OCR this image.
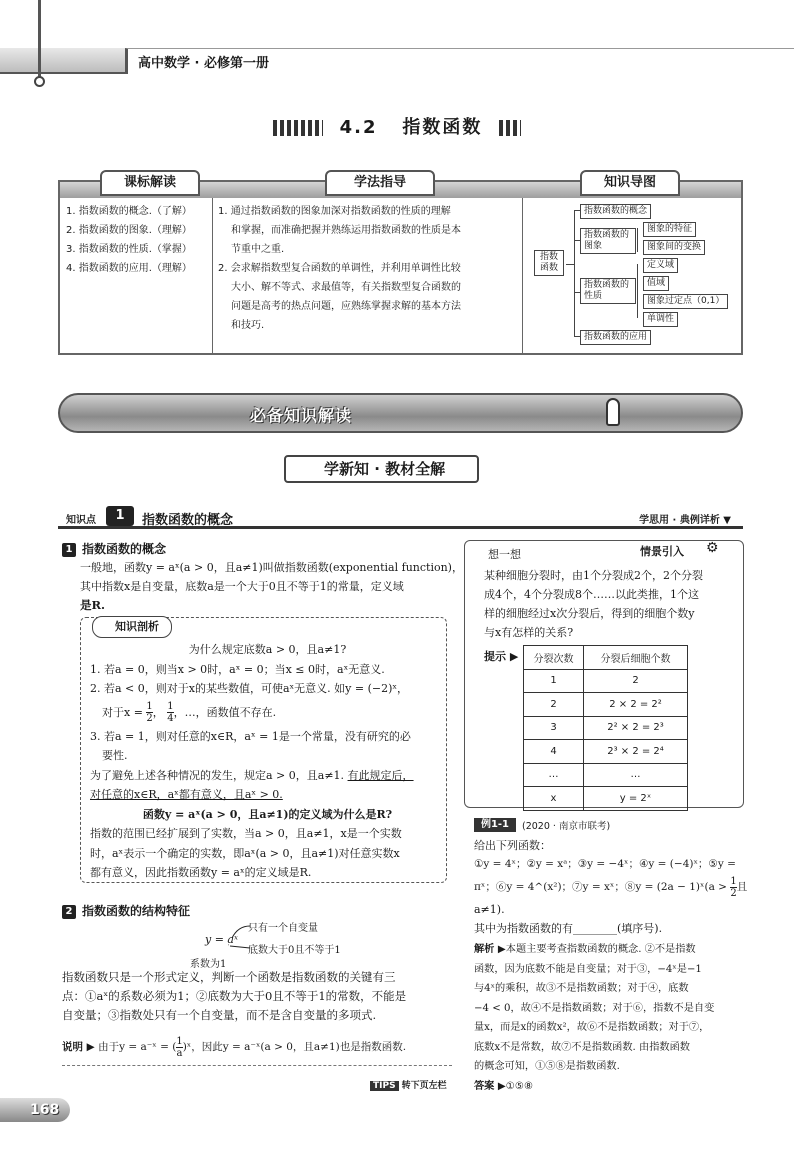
高中数学 · 必修第一册
4.2 指数函数
课标解读	学法指导	知识导图
1. 指数函数的概念.（了解）
2. 指数函数的图象.（理解）
3. 指数函数的性质.（掌握）
4. 指数函数的应用.（理解）
1. 通过指数函数的图象加深对指数函数的性质的理解
和掌握，而准确把握并熟练运用指数函数的性质是本
节重中之重.
2. 会求解指数型复合函数的单调性，并利用单调性比较
大小、解不等式、求最值等，有关指数型复合函数的
问题是高考的热点问题，应熟练掌握求解的基本方法
和技巧.
指数函数
指数函数的概念
指数函数的图象
图象的特征
图象间的变换
指数函数的性质
定义域
值域
图象过定点（0,1）
单调性
指数函数的应用
必备知识解读
学新知 · 教材全解
知识点	1	指数函数的概念	学思用 · 典例详析 ▼
1 指数函数的概念
一般地，函数y = aˣ(a > 0，且a≠1)叫做指数函数(exponential function)，
其中指数x是自变量，底数a是一个大于0且不等于1的常量，定义域
是R.
知识剖析
为什么规定底数a > 0，且a≠1?
1. 若a = 0，则当x > 0时，aˣ = 0；当x ≤ 0时，aˣ无意义.
2. 若a < 0，则对于x的某些数值，可使aˣ无意义. 如y = (−2)ˣ，
对于$x = \frac{1}{2}$ ， $\frac{1}{4}$ ，…，函数值不存在.
3. 若a = 1，则对任意的x∈R，aˣ = 1是一个常量，没有研究的必
要性.
为了避免上述各种情况的发生，规定a > 0，且a≠1. 有此规定后，
对任意的x∈R，aˣ都有意义，且aˣ > 0.
函数y = aˣ(a > 0，且a≠1)的定义域为什么是R?
指数的范围已经扩展到了实数，当a > 0，且a≠1，x是一个实数
时，aˣ表示一个确定的实数，即aˣ(a > 0，且a≠1)对任意实数x
都有意义，因此指数函数y = aˣ的定义域是R.
2 指数函数的结构特征
y = aˣ
只有一个自变量
底数大于0且不等于1
系数为1
指数函数只是一个形式定义，判断一个函数是指数函数的关键有三
点：①aˣ的系数必须为1；②底数为大于0且不等于1的常数，不能是
自变量；③指数处只有一个自变量，而不是含自变量的多项式.
说明 ▶ 由于y = a⁻ˣ = ( $\frac{1}{a}$ )ˣ，因此y = a⁻ˣ(a > 0，且a≠1)也是指数函数.
想一想	情景引入 ⚙
某种细胞分裂时，由1个分裂成2个，2个分裂
成4个，4个分裂成8个……以此类推，1个这
样的细胞经过x次分裂后，得到的细胞个数y
与x有怎样的关系?
提示 ▶ 分裂次数	分裂后细胞个数
1	2
2	2 × 2 = 2²
3	2² × 2 = 2³
4	2³ × 2 = 2⁴
…	…
x	y = 2ˣ
例1-1	(2020 · 南京市联考)
给出下列函数：
①y = 4ˣ；②y = xᵃ；③y = −4ˣ；④y = (−4)ˣ；⑤y =
πˣ；⑥y = 4^(x²)；⑦y = xˣ；⑧y = (2a − 1)ˣ(a > $\frac{1}{2}$ 且
a≠1).
其中为指数函数的有________(填序号).
解析 ▶本题主要考查指数函数的概念. ②不是指数
函数，因为底数不能是自变量；对于③，−4ˣ是−1
与4ˣ的乘积，故③不是指数函数；对于④，底数
−4 < 0，故④不是指数函数；对于⑥，指数不是自变
量x，而是x的函数x²，故⑥不是指数函数；对于⑦，
底数x不是常数，故⑦不是指数函数. 由指数函数
的概念可知，①⑤⑧是指数函数.
答案 ▶①⑤⑧
TIPS 转下页左栏
168
